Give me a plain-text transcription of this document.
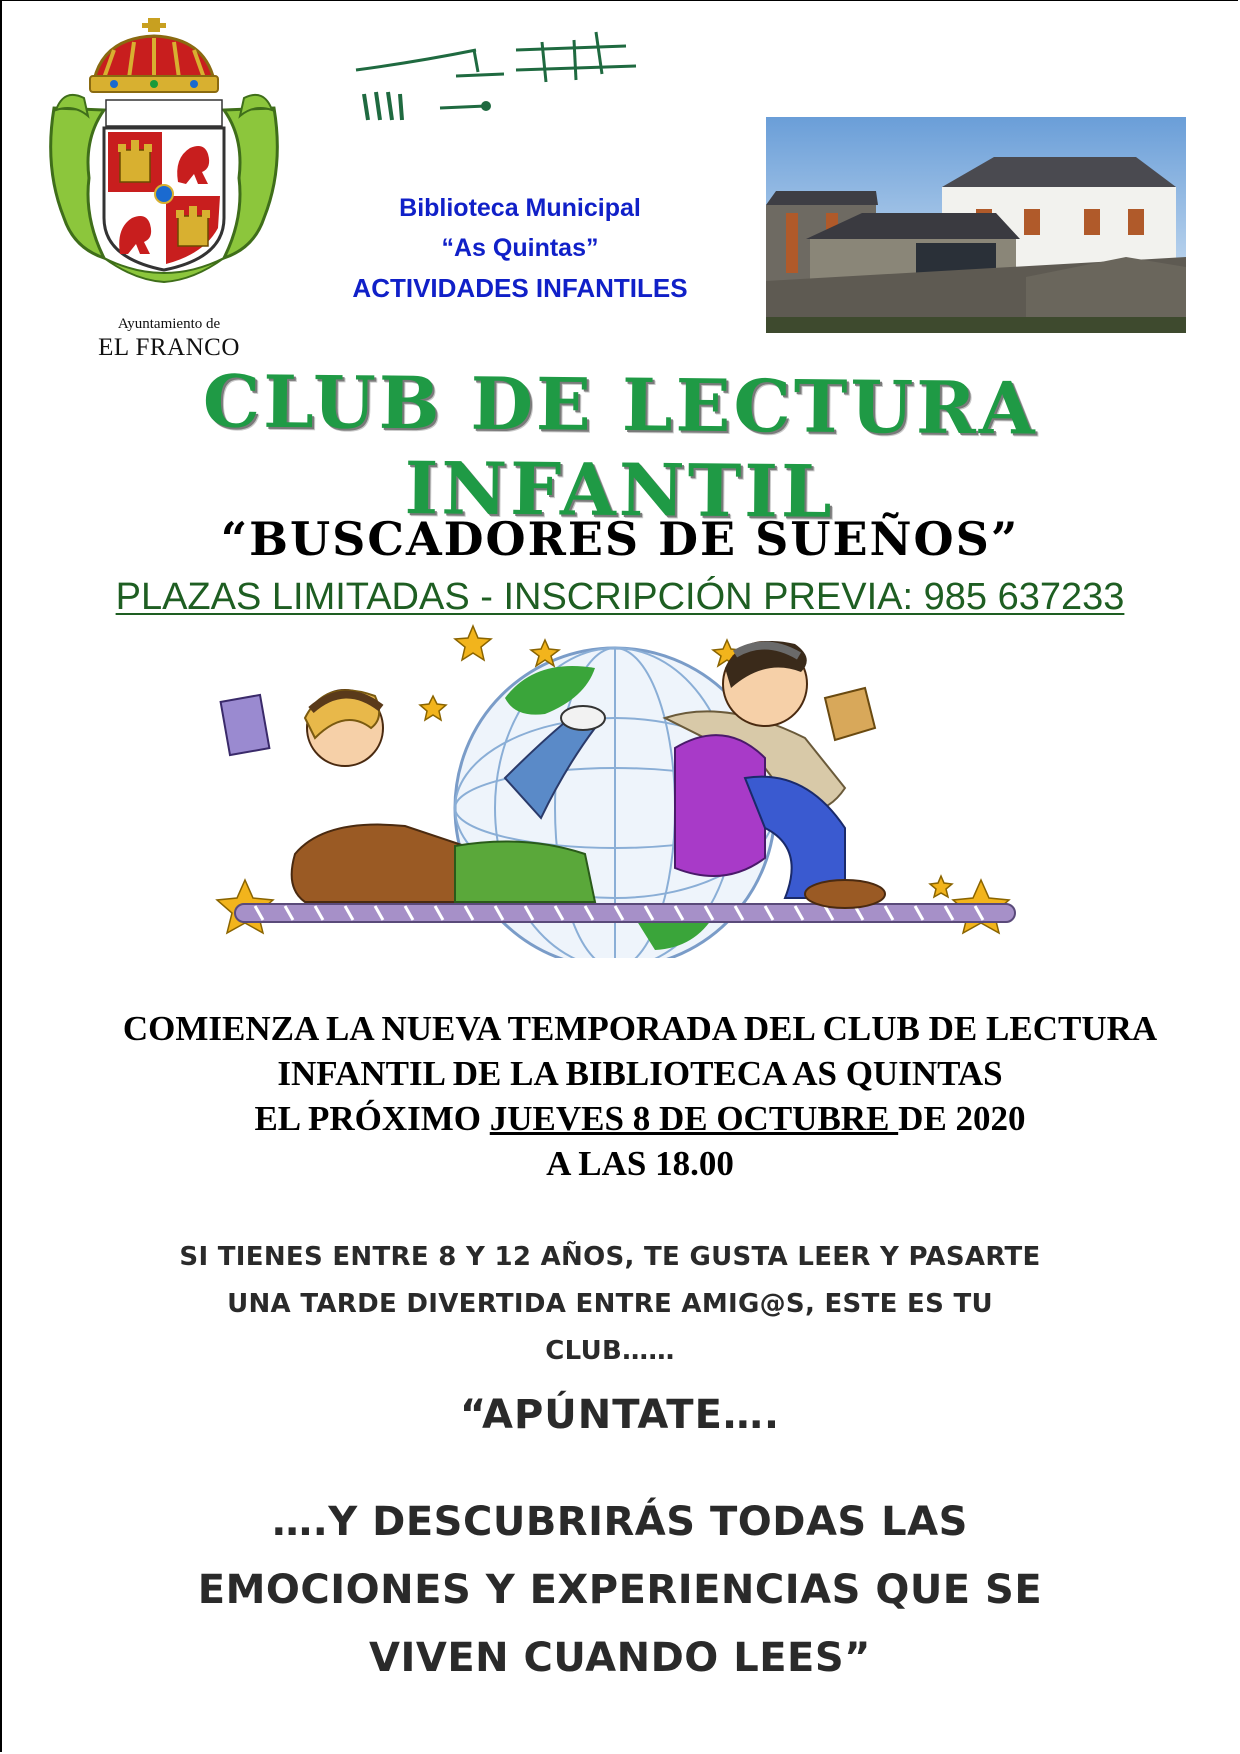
Ayuntamiento de
EL FRANCO
Biblioteca Municipal
“As Quintas”
ACTIVIDADES INFANTILES
CLUB DE LECTURA INFANTIL
“BUSCADORES DE SUEÑOS”
PLAZAS LIMITADAS - INSCRIPCIÓN PREVIA: 985 637233
COMIENZA LA NUEVA TEMPORADA DEL CLUB DE LECTURA
INFANTIL DE LA BIBLIOTECA AS QUINTAS
EL PRÓXIMO JUEVES 8 DE OCTUBRE DE 2020
A LAS 18.00
SI TIENES ENTRE 8 Y 12 AÑOS, TE GUSTA LEER Y PASARTE
UNA TARDE DIVERTIDA ENTRE AMIG@S, ESTE ES TU
CLUB……
“APÚNTATE….
….Y DESCUBRIRÁS TODAS LAS
EMOCIONES Y EXPERIENCIAS QUE SE
VIVEN CUANDO LEES”
